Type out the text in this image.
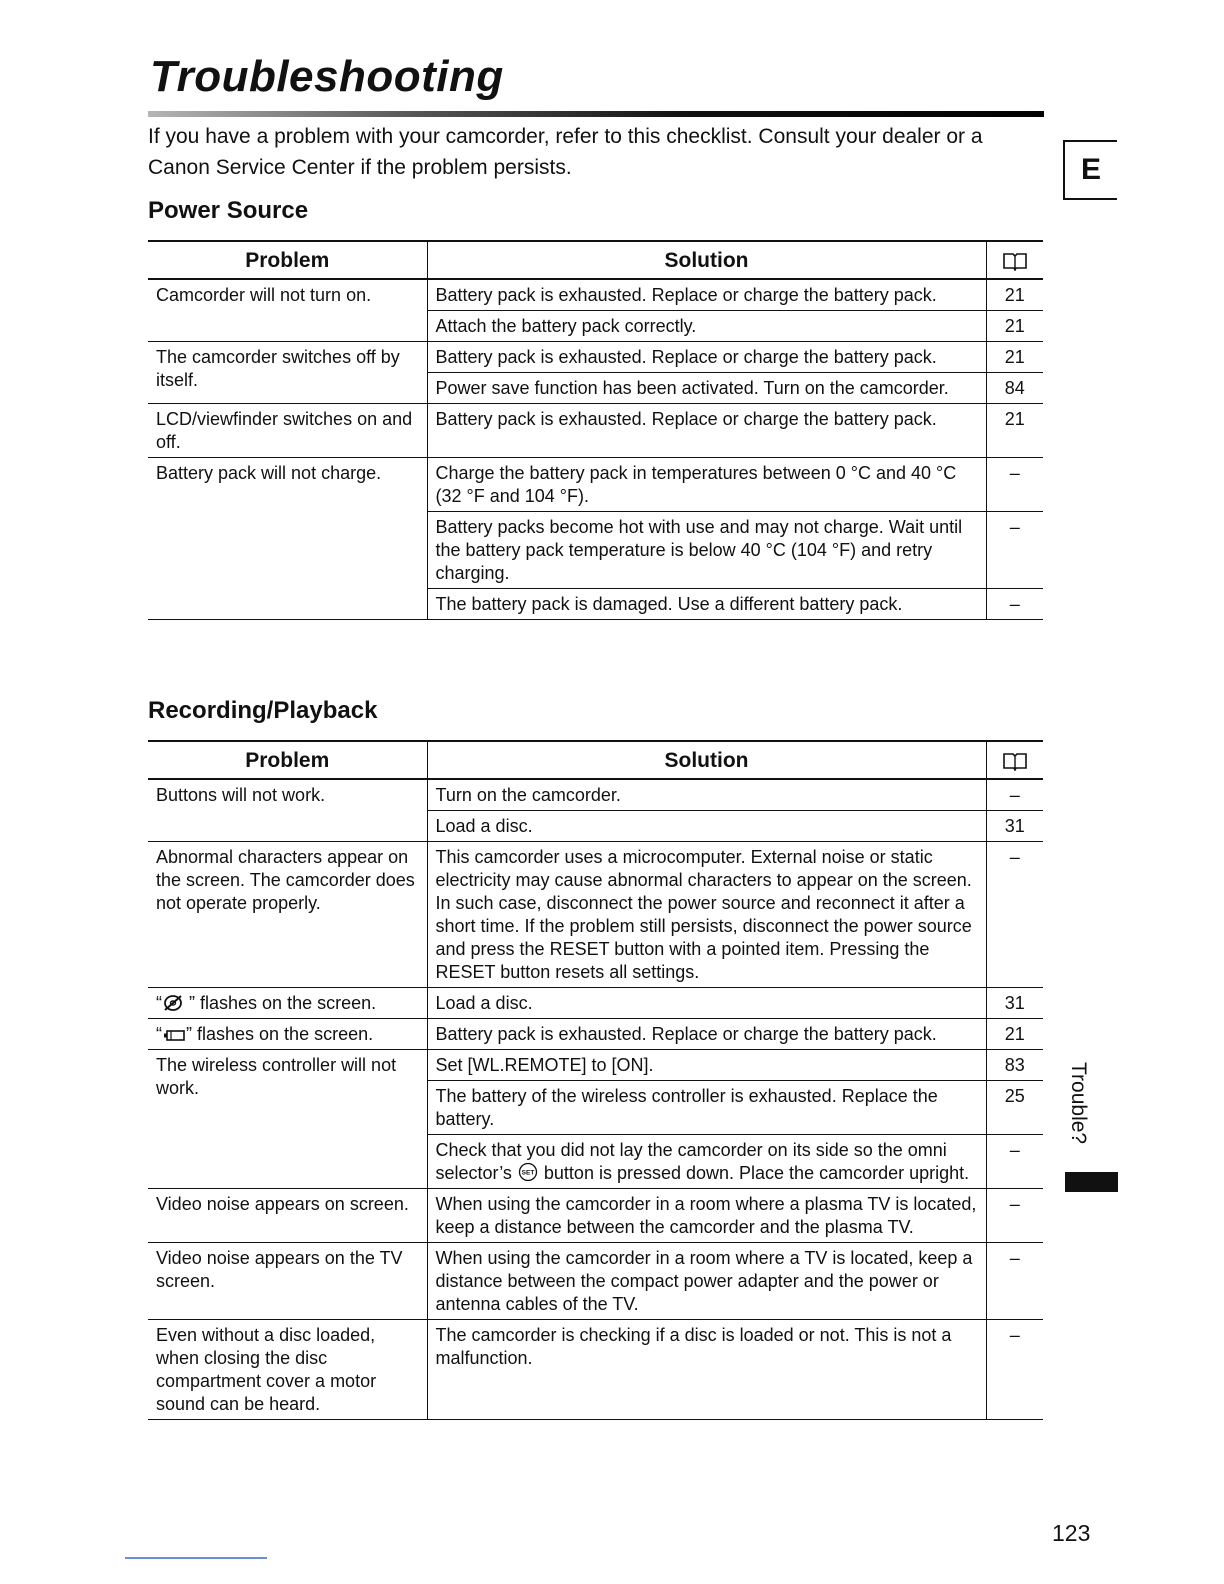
Troubleshooting

If you have a problem with your camcorder, refer to this checklist. Consult your dealer or a Canon Service Center if the problem persists.	E
Power Source
Problem	Solution	
Camcorder will not turn on.	Battery pack is exhausted. Replace or charge the battery pack.	21
	Attach the battery pack correctly.	21
The camcorder switches off by itself.	Battery pack is exhausted. Replace or charge the battery pack.	21
	Power save function has been activated. Turn on the camcorder.	84
LCD/viewfinder switches on and off.	Battery pack is exhausted. Replace or charge the battery pack.	21
Battery pack will not charge.	Charge the battery pack in temperatures between 0 °C and 40 °C (32 °F and 104 °F).	–
	Battery packs become hot with use and may not charge. Wait until the battery pack temperature is below 40 °C (104 °F) and retry charging.	–
	The battery pack is damaged. Use a different battery pack.	–
Recording/Playback
Problem	Solution	
Buttons will not work.	Turn on the camcorder.	–
	Load a disc.	31
Abnormal characters appear on the screen. The camcorder does not operate properly.	This camcorder uses a microcomputer. External noise or static electricity may cause abnormal characters to appear on the screen. In such case, disconnect the power source and reconnect it after a short time. If the problem still persists, disconnect the power source and press the RESET button with a pointed item. Pressing the RESET button resets all settings.	–
“ ” flashes on the screen.	Load a disc.	31
“ ” flashes on the screen.	Battery pack is exhausted. Replace or charge the battery pack.	21
The wireless controller will not work.	Set [WL.REMOTE] to [ON].	83
	The battery of the wireless controller is exhausted. Replace the battery.	25
	Check that you did not lay the camcorder on its side so the omni selector’s SET button is pressed down. Place the camcorder upright.	–
Video noise appears on screen.	When using the camcorder in a room where a plasma TV is located, keep a distance between the camcorder and the plasma TV.	–
Video noise appears on the TV screen.	When using the camcorder in a room where a TV is located, keep a distance between the compact power adapter and the power or antenna cables of the TV.	–
Even without a disc loaded, when closing the disc compartment cover a motor sound can be heard.	The camcorder is checking if a disc is loaded or not. This is not a malfunction.	–
Trouble?
123
